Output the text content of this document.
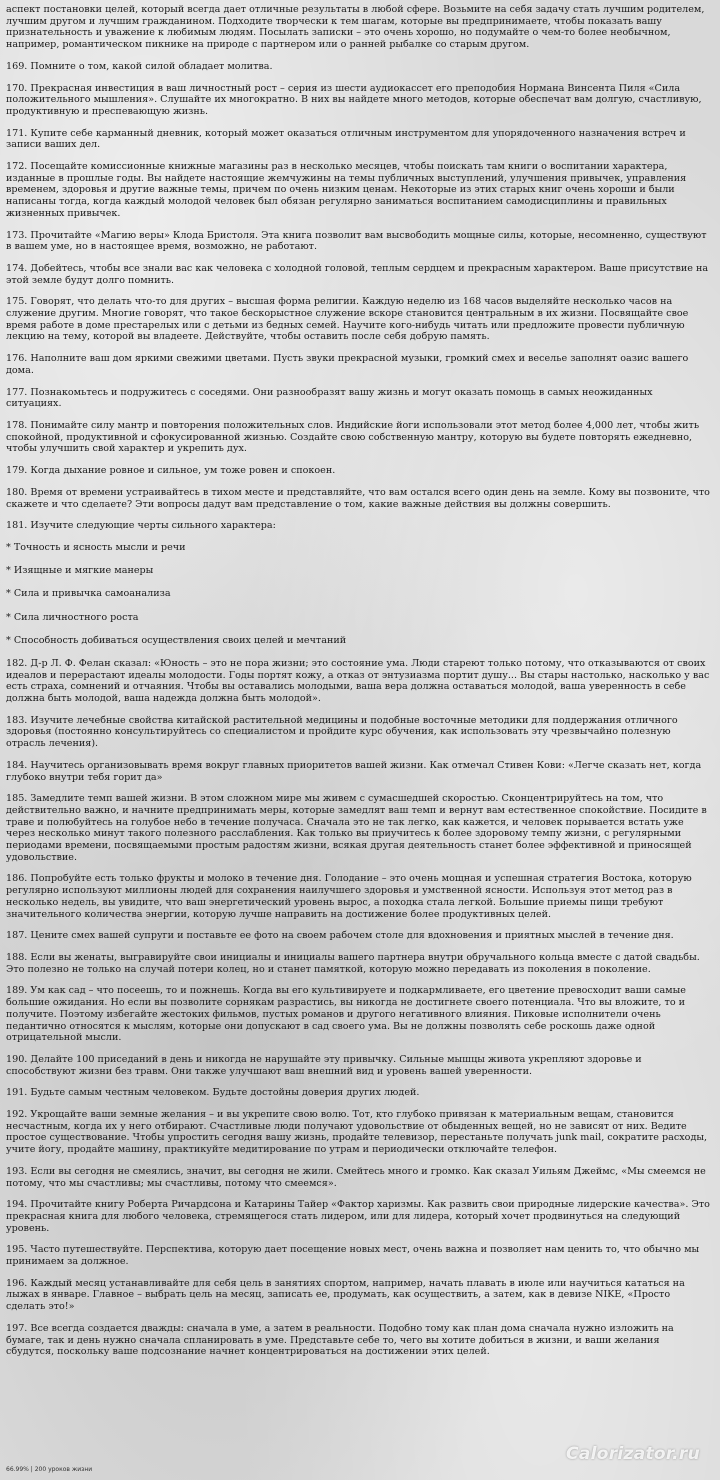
аспект постановки целей, который всегда дает отличные результаты в любой сфере. Возьмите на себя задачу стать лучшим родителем, лучшим другом и лучшим гражданином. Подходите творчески к тем шагам, которые вы предпринимаете, чтобы показать вашу признательность и уважение к любимым людям. Посылать записки – это очень хорошо, но подумайте о чем-то более необычном, например, романтическом пикнике на природе с партнером или о ранней рыбалке со старым другом.

169. Помните о том, какой силой обладает молитва.

170. Прекрасная инвестиция в ваш личностный рост – серия из шести аудиокассет его преподобия Нормана Винсента Пиля «Сила положительного мышления». Слушайте их многократно. В них вы найдете много методов, которые обеспечат вам долгую, счастливую, продуктивную и преспевающую жизнь.

171. Купите себе карманный дневник, который может оказаться отличным инструментом для упорядоченного назначения встреч и записи ваших дел.

172. Посещайте комиссионные книжные магазины раз в несколько месяцев, чтобы поискать там книги о воспитании характера, изданные в прошлые годы. Вы найдете настоящие жемчужины на темы публичных выступлений, улучшения привычек, управления временем, здоровья и другие важные темы, причем по очень низким ценам. Некоторые из этих старых книг очень хороши и были написаны тогда, когда каждый молодой человек был обязан регулярно заниматься воспитанием самодисциплины и правильных жизненных привычек.

173. Прочитайте «Магию веры» Клода Бристоля. Эта книга позволит вам высвободить мощные силы, которые, несомненно, существуют в вашем уме, но в настоящее время, возможно, не работают.

174. Добейтесь, чтобы все знали вас как человека с холодной головой, теплым сердцем и прекрасным характером. Ваше присутствие на этой земле будут долго помнить.

175. Говорят, что делать что-то для других – высшая форма религии. Каждую неделю из 168 часов выделяйте несколько часов на служение другим. Многие говорят, что такое бескорыстное служение вскоре становится центральным в их жизни. Посвящайте свое время работе в доме престарелых или с детьми из бедных семей. Научите кого-нибудь читать или предложите провести публичную лекцию на тему, которой вы владеете. Действуйте, чтобы оставить после себя добрую память.

176. Наполните ваш дом яркими свежими цветами. Пусть звуки прекрасной музыки, громкий смех и веселье заполнят оазис вашего дома.

177. Познакомьтесь и подружитесь с соседями. Они разнообразят вашу жизнь и могут оказать помощь в самых неожиданных ситуациях.

178. Понимайте силу мантр и повторения положительных слов. Индийские йоги использовали этот метод более 4,000 лет, чтобы жить спокойной, продуктивной и сфокусированной жизнью. Создайте свою собственную мантру, которую вы будете повторять ежедневно, чтобы улучшить свой характер и укрепить дух.

179. Когда дыхание ровное и сильное, ум тоже ровен и спокоен.

180. Время от времени устраивайтесь в тихом месте и представляйте, что вам остался всего один день на земле. Кому вы позвоните, что скажете и что сделаете? Эти вопросы дадут вам представление о том, какие важные действия вы должны совершить.

181. Изучите следующие черты сильного характера:

* Точность и ясность мысли и речи

* Изящные и мягкие манеры

* Сила и привычка самоанализа

* Сила личностного роста

* Способность добиваться осуществления своих целей и мечтаний

182. Д-р Л. Ф. Фелан сказал: «Юность – это не пора жизни; это состояние ума. Люди стареют только потому, что отказываются от своих идеалов и перерастают идеалы молодости. Годы портят кожу, а отказ от энтузиазма портит душу... Вы стары настолько, насколько у вас есть страха, сомнений и отчаяния. Чтобы вы оставались молодыми, ваша вера должна оставаться молодой, ваша уверенность в себе должна быть молодой, ваша надежда должна быть молодой».

183. Изучите лечебные свойства китайской растительной медицины и подобные восточные методики для поддержания отличного здоровья (постоянно консультируйтесь со специалистом и пройдите курс обучения, как использовать эту чрезвычайно полезную отрасль лечения).

184. Научитесь организовывать время вокруг главных приоритетов вашей жизни. Как отмечал Стивен Кови: «Легче сказать нет, когда глубоко внутри тебя горит да»

185. Замедлите темп вашей жизни. В этом сложном мире мы живем с сумасшедшей скоростью. Сконцентрируйтесь на том, что действительно важно, и начните предпринимать меры, которые замедлят ваш темп и вернут вам естественное спокойствие. Посидите в траве и полюбуйтесь на голубое небо в течение получаса. Сначала это не так легко, как кажется, и человек порывается встать уже через несколько минут такого полезного расслабления. Как только вы приучитесь к более здоровому темпу жизни, с регулярными периодами времени, посвящаемыми простым радостям жизни, всякая другая деятельность станет более эффективной и приносящей удовольствие.

186. Попробуйте есть только фрукты и молоко в течение дня. Голодание – это очень мощная и успешная стратегия Востока, которую регулярно используют миллионы людей для сохранения наилучшего здоровья и умственной ясности. Используя этот метод раз в несколько недель, вы увидите, что ваш энергетический уровень вырос, а походка стала легкой. Большие приемы пищи требуют значительного количества энергии, которую лучше направить на достижение более продуктивных целей.

187. Цените смех вашей супруги и поставьте ее фото на своем рабочем столе для вдохновения и приятных мыслей в течение дня.

188. Если вы женаты, выгравируйте свои инициалы и инициалы вашего партнера внутри обручального кольца вместе с датой свадьбы. Это полезно не только на случай потери колец, но и станет памяткой, которую можно передавать из поколения в поколение.

189. Ум как сад – что посеешь, то и пожнешь. Когда вы его культивируете и подкармливаете, его цветение превосходит ваши самые большие ожидания. Но если вы позволите сорнякам разрастись, вы никогда не достигнете своего потенциала. Что вы вложите, то и получите. Поэтому избегайте жестоких фильмов, пустых романов и другого негативного влияния. Пиковые исполнители очень педантично относятся к мыслям, которые они допускают в сад своего ума. Вы не должны позволять себе роскошь даже одной отрицательной мысли.

190. Делайте 100 приседаний в день и никогда не нарушайте эту привычку. Сильные мышцы живота укрепляют здоровье и способствуют жизни без травм. Они также улучшают ваш внешний вид и уровень вашей уверенности.

191. Будьте самым честным человеком. Будьте достойны доверия других людей.

192. Укрощайте ваши земные желания – и вы укрепите свою волю. Тот, кто глубоко привязан к материальным вещам, становится несчастным, когда их у него отбирают. Счастливые люди получают удовольствие от обыденных вещей, но не зависят от них. Ведите простое существование. Чтобы упростить сегодня вашу жизнь, продайте телевизор, перестаньте получать junk mail, сократите расходы, учите йогу, продайте машину, практикуйте медитирование по утрам и периодически отключайте телефон.

193. Если вы сегодня не смеялись, значит, вы сегодня не жили. Смейтесь много и громко. Как сказал Уильям Джеймс, «Мы смеемся не потому, что мы счастливы; мы счастливы, потому что смеемся».

194. Прочитайте книгу Роберта Ричардсона и Катарины Тайер «Фактор харизмы. Как развить свои природные лидерские качества». Это прекрасная книга для любого человека, стремящегося стать лидером, или для лидера, который хочет продвинуться на следующий уровень.

195. Часто путешествуйте. Перспектива, которую дает посещение новых мест, очень важна и позволяет нам ценить то, что обычно мы принимаем за должное.

196. Каждый месяц устанавливайте для себя цель в занятиях спортом, например, начать плавать в июле или научиться кататься на лыжах в январе. Главное – выбрать цель на месяц, записать ее, продумать, как осуществить, а затем, как в девизе NIKE, «Просто сделать это!»

197. Все всегда создается дважды: сначала в уме, а затем в реальности. Подобно тому как план дома сначала нужно изложить на бумаге, так и день нужно сначала спланировать в уме. Представьте себе то, чего вы хотите добиться в жизни, и ваши желания сбудутся, поскольку ваше подсознание начнет концентрироваться на достижении этих целей.

66.99% | 200 уроков жизни
Calorizator.ru
